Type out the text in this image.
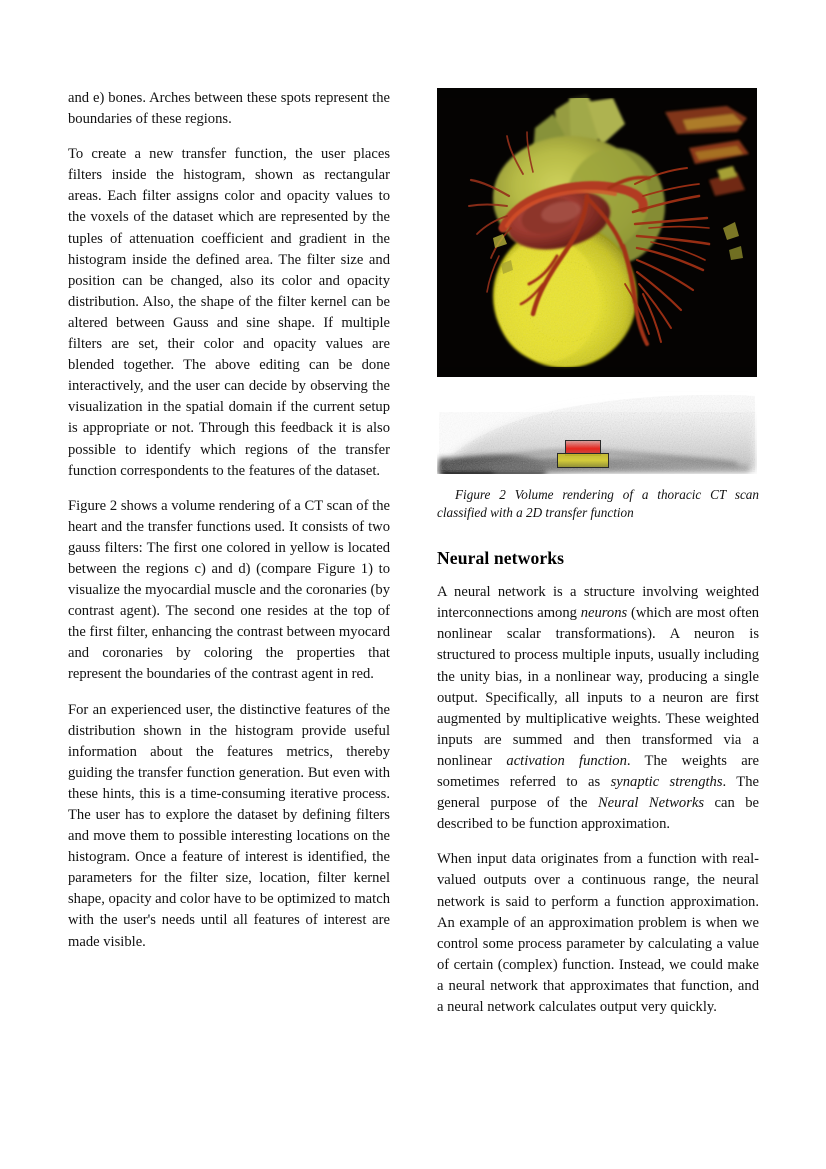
and e) bones. Arches between these spots represent the boundaries of these regions.

To create a new transfer function, the user places filters inside the histogram, shown as rectangular areas. Each filter assigns color and opacity values to the voxels of the dataset which are represented by the tuples of attenuation coefficient and gradient in the histogram inside the defined area. The filter size and position can be changed, also its color and opacity distribution. Also, the shape of the filter kernel can be altered between Gauss and sine shape. If multiple filters are set, their color and opacity values are blended together. The above editing can be done interactively, and the user can decide by observing the visualization in the spatial domain if the current setup is appropriate or not. Through this feedback it is also possible to identify which regions of the transfer function correspondents to the features of the dataset.

Figure 2 shows a volume rendering of a CT scan of the heart and the transfer functions used. It consists of two gauss filters: The first one colored in yellow is located between the regions c) and d) (compare Figure 1) to visualize the myocardial muscle and the coronaries (by contrast agent). The second one resides at the top of the first filter, enhancing the contrast between myocard and coronaries by coloring the properties that represent the boundaries of the contrast agent in red.

For an experienced user, the distinctive features of the distribution shown in the histogram provide useful information about the features metrics, thereby guiding the transfer function generation. But even with these hints, this is a time-consuming iterative process. The user has to explore the dataset by defining filters and move them to possible interesting locations on the histogram. Once a feature of interest is identified, the parameters for the filter size, location, filter kernel shape, opacity and color have to be optimized to match with the user's needs until all features of interest are made visible.

Figure 2 Volume rendering of a thoracic CT scan classified with a 2D transfer function
Neural networks

A neural network is a structure involving weighted interconnections among neurons (which are most often nonlinear scalar transformations). A neuron is structured to process multiple inputs, usually including the unity bias, in a nonlinear way, producing a single output. Specifically, all inputs to a neuron are first augmented by multiplicative weights. These weighted inputs are summed and then transformed via a nonlinear activation function. The weights are sometimes referred to as synaptic strengths. The general purpose of the Neural Networks can be described to be function approximation.

When input data originates from a function with real-valued outputs over a continuous range, the neural network is said to perform a function approximation. An example of an approximation problem is when we control some process parameter by calculating a value of certain (complex) function. Instead, we could make a neural network that approximates that function, and a neural network calculates output very quickly.
